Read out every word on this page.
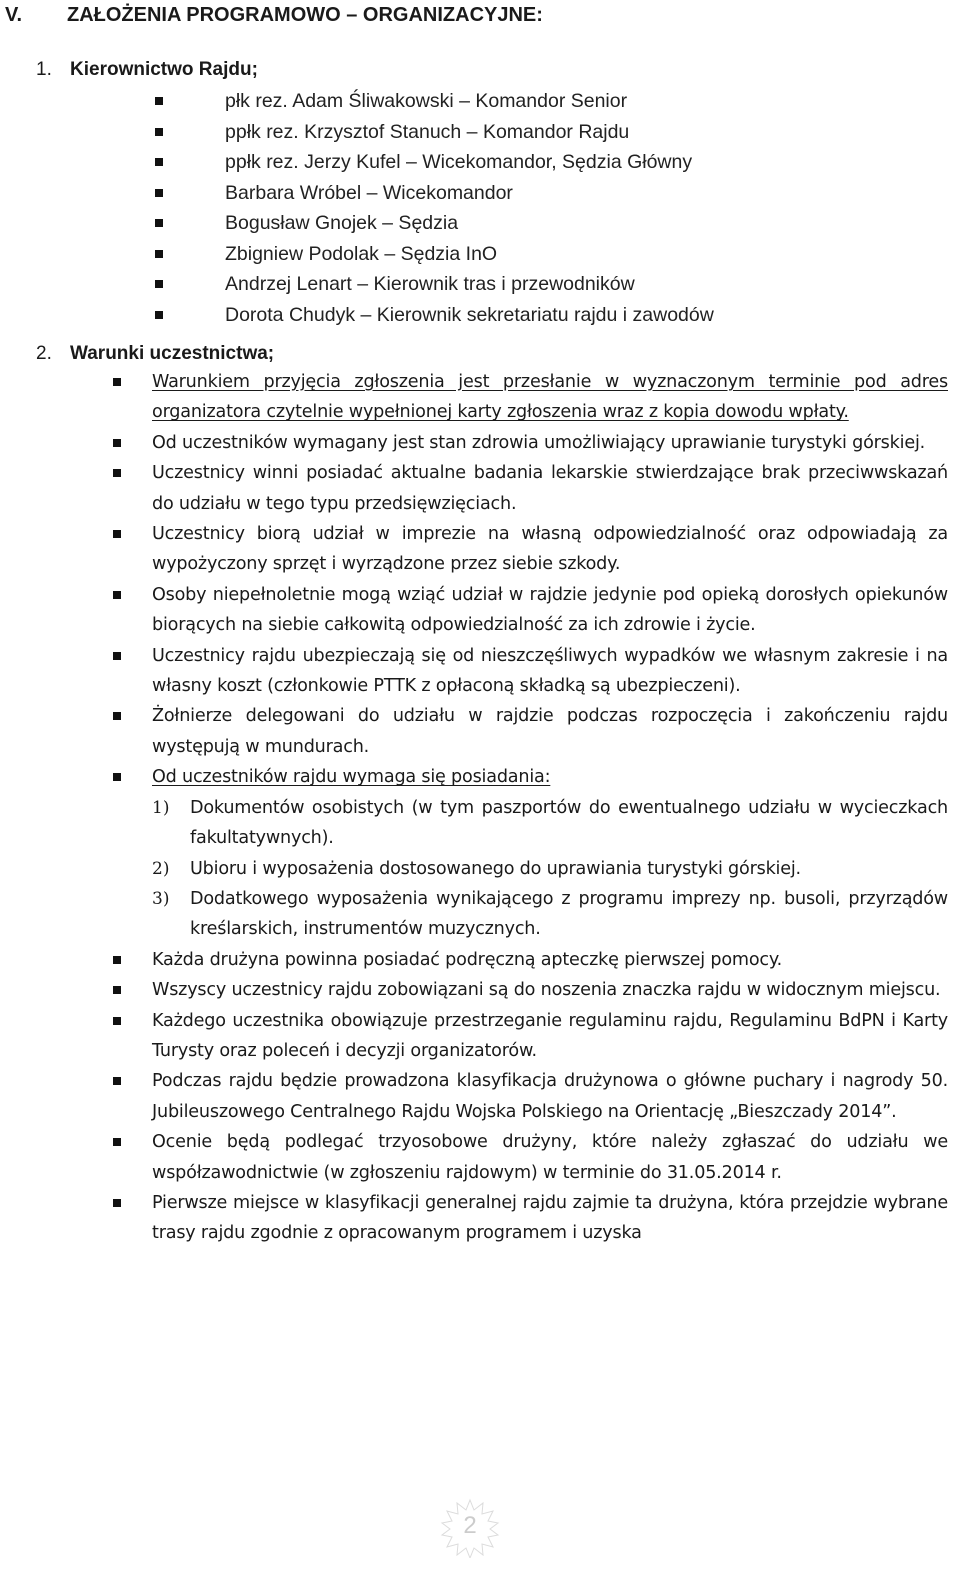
V. ZAŁOŻENIA PROGRAMOWO – ORGANIZACYJNE:
1. Kierownictwo Rajdu;
płk rez. Adam Śliwakowski – Komandor Senior
ppłk rez. Krzysztof Stanuch – Komandor Rajdu
ppłk rez. Jerzy Kufel – Wicekomandor, Sędzia Główny
Barbara Wróbel – Wicekomandor
Bogusław Gnojek – Sędzia
Zbigniew Podolak – Sędzia InO
Andrzej Lenart – Kierownik tras i przewodników
Dorota Chudyk – Kierownik sekretariatu rajdu i zawodów
2. Warunki uczestnictwa;

Warunkiem przyjęcia zgłoszenia jest przesłanie w wyznaczonym terminie pod adres organizatora czytelnie wypełnionej karty zgłoszenia wraz z kopia dowodu wpłaty.

Od uczestników wymagany jest stan zdrowia umożliwiający uprawianie turystyki górskiej.

Uczestnicy winni posiadać aktualne badania lekarskie stwierdzające brak przeciwwskazań do udziału w tego typu przedsięwzięciach.

Uczestnicy biorą udział w imprezie na własną odpowiedzialność oraz odpowiadają za wypożyczony sprzęt i wyrządzone przez siebie szkody.

Osoby niepełnoletnie mogą wziąć udział w rajdzie jedynie pod opieką dorosłych opiekunów biorących na siebie całkowitą odpowiedzialność za ich zdrowie i życie.

Uczestnicy rajdu ubezpieczają się od nieszczęśliwych wypadków we własnym zakresie i na własny koszt (członkowie PTTK z opłaconą składką są ubezpieczeni).

Żołnierze delegowani do udziału w rajdzie podczas rozpoczęcia i zakończeniu rajdu występują w mundurach.

Od uczestników rajdu wymaga się posiadania:

1) Dokumentów osobistych (w tym paszportów do ewentualnego udziału w wycieczkach fakultatywnych).

2) Ubioru i wyposażenia dostosowanego do uprawiania turystyki górskiej.

3) Dodatkowego wyposażenia wynikającego z programu imprezy np. busoli, przyrządów kreślarskich, instrumentów muzycznych.

Każda drużyna powinna posiadać podręczną apteczkę pierwszej pomocy.

Wszyscy uczestnicy rajdu zobowiązani są do noszenia znaczka rajdu w widocznym miejscu.

Każdego uczestnika obowiązuje przestrzeganie regulaminu rajdu, Regulaminu BdPN i Karty Turysty oraz poleceń i decyzji organizatorów.

Podczas rajdu będzie prowadzona klasyfikacja drużynowa o główne puchary i nagrody 50. Jubileuszowego Centralnego Rajdu Wojska Polskiego na Orientację „Bieszczady 2014”.

Ocenie będą podlegać trzyosobowe drużyny, które należy zgłaszać do udziału we współzawodnictwie (w zgłoszeniu rajdowym) w terminie do 31.05.2014 r.

Pierwsze miejsce w klasyfikacji generalnej rajdu zajmie ta drużyna, która przejdzie wybrane trasy rajdu zgodnie z opracowanym programem i uzyska

2
